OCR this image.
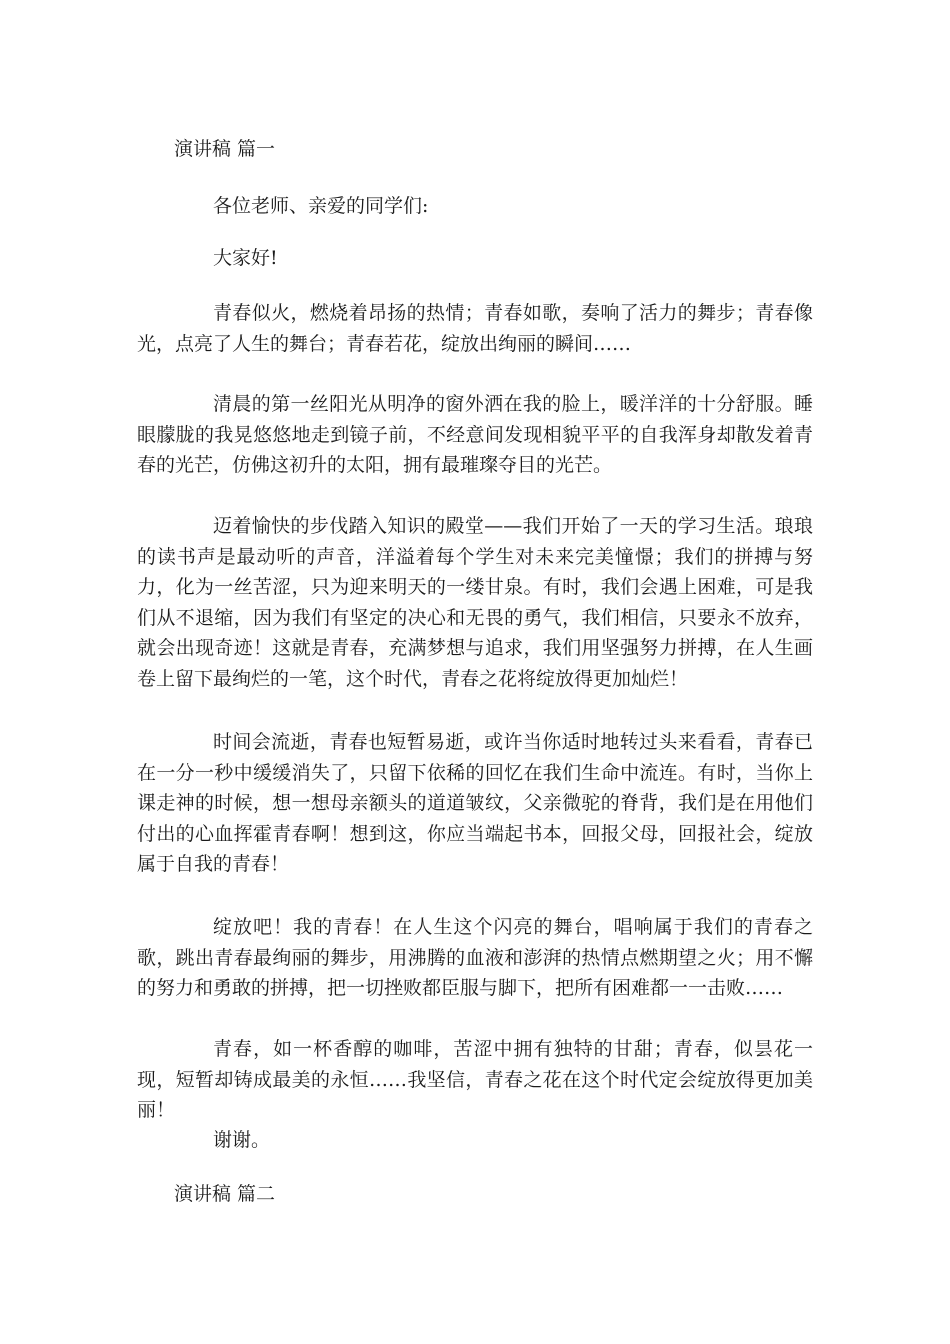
演讲稿 篇一

各位老师、亲爱的同学们:

大家好!

青春似火，燃烧着昂扬的热情；青春如歌，奏响了活力的舞步；青春像光，点亮了人生的舞台；青春若花，绽放出绚丽的瞬间……

清晨的第一丝阳光从明净的窗外洒在我的脸上，暖洋洋的十分舒服。睡眼朦胧的我晃悠悠地走到镜子前，不经意间发现相貌平平的自我浑身却散发着青春的光芒，仿佛这初升的太阳，拥有最璀璨夺目的光芒。

迈着愉快的步伐踏入知识的殿堂——我们开始了一天的学习生活。琅琅的读书声是最动听的声音，洋溢着每个学生对未来完美憧憬；我们的拼搏与努力，化为一丝苦涩，只为迎来明天的一缕甘泉。有时，我们会遇上困难，可是我们从不退缩，因为我们有坚定的决心和无畏的勇气，我们相信，只要永不放弃，就会出现奇迹！这就是青春，充满梦想与追求，我们用坚强努力拼搏，在人生画卷上留下最绚烂的一笔，这个时代，青春之花将绽放得更加灿烂！

时间会流逝，青春也短暂易逝，或许当你适时地转过头来看看，青春已在一分一秒中缓缓消失了，只留下依稀的回忆在我们生命中流连。有时，当你上课走神的时候，想一想母亲额头的道道皱纹，父亲微驼的脊背，我们是在用他们付出的心血挥霍青春啊！想到这，你应当端起书本，回报父母，回报社会，绽放属于自我的青春！

绽放吧！我的青春！在人生这个闪亮的舞台，唱响属于我们的青春之歌，跳出青春最绚丽的舞步，用沸腾的血液和澎湃的热情点燃期望之火；用不懈的努力和勇敢的拼搏，把一切挫败都臣服与脚下，把所有困难都一一击败……

青春，如一杯香醇的咖啡，苦涩中拥有独特的甘甜；青春，似昙花一现，短暂却铸成最美的永恒……我坚信，青春之花在这个时代定会绽放得更加美丽！

谢谢。

演讲稿 篇二
